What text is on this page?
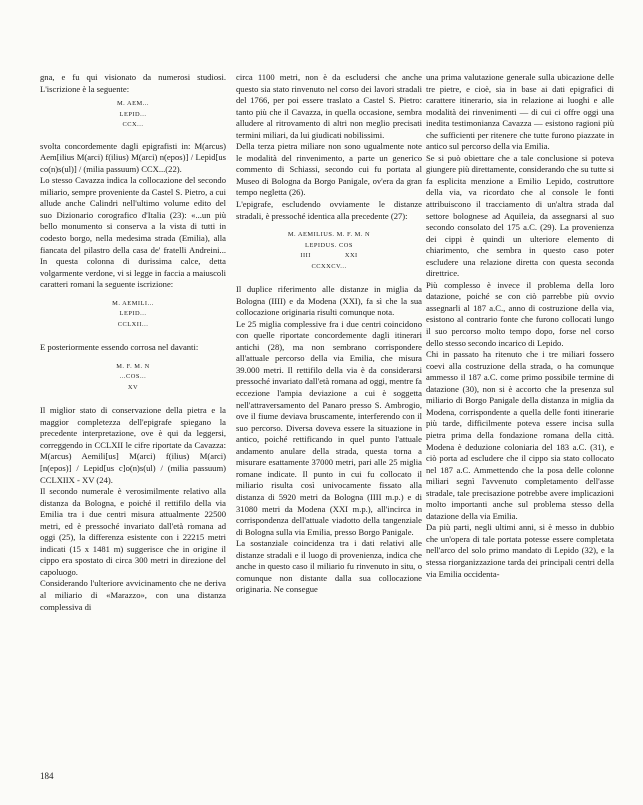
gna, e fu qui visionato da numerosi studiosi. L'iscrizione è la seguente:

M. AEM...
LEPID...
CCX...

svolta concordemente dagli epigrafisti in: M(arcus) Aem[ilius M(arci) f(ilius) M(arci) n(epos)] / Lepid[us co(n)s(ul)] / (milia passuum) CCX...(22).

Lo stesso Cavazza indica la collocazione del secondo miliario, sempre proveniente da Castel S. Pietro, a cui allude anche Calindri nell'ultimo volume edito del suo Dizionario corografico d'Italia (23): «...un più bello monumento si conserva a la vista di tutti in codesto borgo, nella medesima strada (Emilia), alla fiancata del pilastro della casa de' fratelli Andreini... In questa colonna di durissima calce, detta volgarmente verdone, vi si legge in faccia a maiuscoli caratteri romani la seguente iscrizione:

M. AEMILI...
LEPID...
CCLXII...

E posteriormente essendo corrosa nel davanti:

M. F. M. N
...COS...
XV

Il miglior stato di conservazione della pietra e la maggior completezza dell'epigrafe spiegano la precedente interpretazione, ove è qui da leggersi, correggendo in CCLXII le cifre riportate da Cavazza: M(arcus) Aemili[us] M(arci) f(ilius) M(arci) [n(epos)] / Lepid[us c]o(n)s(ul) / (milia passuum) CCLXIIX - XV (24).

Il secondo numerale è verosimilmente relativo alla distanza da Bologna, e poiché il rettifilo della via Emilia tra i due centri misura attualmente 22500 metri, ed è pressoché invariato dall'età romana ad oggi (25), la differenza esistente con i 22215 metri indicati (15 x 1481 m) suggerisce che in origine il cippo era spostato di circa 300 metri in direzione del capoluogo.

Considerando l'ulteriore avvicinamento che ne deriva al miliario di «Marazzo», con una distanza complessiva di

circa 1100 metri, non è da escludersi che anche questo sia stato rinvenuto nel corso dei lavori stradali del 1766, per poi essere traslato a Castel S. Pietro: tanto più che il Cavazza, in quella occasione, sembra alludere al ritrovamento di altri non meglio precisati termini miliari, da lui giudicati nobilissimi.

Della terza pietra miliare non sono ugualmente note le modalità del rinvenimento, a parte un generico commento di Schiassi, secondo cui fu portata al Museo di Bologna da Borgo Panigale, ov'era da gran tempo negletta (26).

L'epigrafe, escludendo ovviamente le distanze stradali, è pressoché identica alla precedente (27):

M. AEMILIUS. M. F. M. N
LEPIDUS. COS
IIII	XXI
CCXXCV...

Il duplice riferimento alle distanze in miglia da Bologna (IIII) e da Modena (XXI), fa sì che la sua collocazione originaria risulti comunque nota.

Le 25 miglia complessive fra i due centri coincidono con quelle riportate concordemente dagli itinerari antichi (28), ma non sembrano corrispondere all'attuale percorso della via Emilia, che misura 39.000 metri. Il rettifilo della via è da considerarsi pressoché invariato dall'età romana ad oggi, mentre fa eccezione l'ampia deviazione a cui è soggetta nell'attraversamento del Panaro presso S. Ambrogio, ove il fiume deviava bruscamente, interferendo con il suo percorso. Diversa doveva essere la situazione in antico, poiché rettificando in quel punto l'attuale andamento anulare della strada, questa torna a misurare esattamente 37000 metri, pari alle 25 miglia romane indicate. Il punto in cui fu collocato il miliario risulta così univocamente fissato alla distanza di 5920 metri da Bologna (IIII m.p.) e di 31080 metri da Modena (XXI m.p.), all'incirca in corrispondenza dell'attuale viadotto della tangenziale di Bologna sulla via Emilia, presso Borgo Panigale.

La sostanziale coincidenza tra i dati relativi alle distanze stradali e il luogo di provenienza, indica che anche in questo caso il miliario fu rinvenuto in situ, o comunque non distante dalla sua collocazione originaria. Ne consegue

una prima valutazione generale sulla ubicazione delle tre pietre, e cioè, sia in base ai dati epigrafici di carattere itinerario, sia in relazione ai luoghi e alle modalità dei rinvenimenti — di cui ci offre oggi una inedita testimonianza Cavazza — esistono ragioni più che sufficienti per ritenere che tutte furono piazzate in antico sul percorso della via Emilia.

Se si può obiettare che a tale conclusione si poteva giungere più direttamente, considerando che su tutte si fa esplicita menzione a Emilio Lepido, costruttore della via, va ricordato che al console le fonti attribuiscono il tracciamento di un'altra strada dal settore bolognese ad Aquileia, da assegnarsi al suo secondo consolato del 175 a.C. (29). La provenienza dei cippi è quindi un ulteriore elemento di chiarimento, che sembra in questo caso poter escludere una relazione diretta con questa seconda direttrice.

Più complesso è invece il problema della loro datazione, poiché se con ciò parrebbe più ovvio assegnarli al 187 a.C., anno di costruzione della via, esistono al contrario fonte che furono collocati lungo il suo percorso molto tempo dopo, forse nel corso dello stesso secondo incarico di Lepido.

Chi in passato ha ritenuto che i tre miliari fossero coevi alla costruzione della strada, o ha comunque ammesso il 187 a.C. come primo possibile termine di datazione (30), non si è accorto che la presenza sul miliario di Borgo Panigale della distanza in miglia da Modena, corrispondente a quella delle fonti itinerarie più tarde, difficilmente poteva essere incisa sulla pietra prima della fondazione romana della città. Modena è deduzione coloniaria del 183 a.C. (31), e ciò porta ad escludere che il cippo sia stato collocato nel 187 a.C. Ammettendo che la posa delle colonne miliari segnì l'avvenuto completamento dell'asse stradale, tale precisazione potrebbe avere implicazioni molto importanti anche sul problema stesso della datazione della via Emilia.

Da più parti, negli ultimi anni, si è messo in dubbio che un'opera di tale portata potesse essere completata nell'arco del solo primo mandato di Lepido (32), e la stessa riorganizzazione tarda dei principali centri della via Emilia occidenta-

184
